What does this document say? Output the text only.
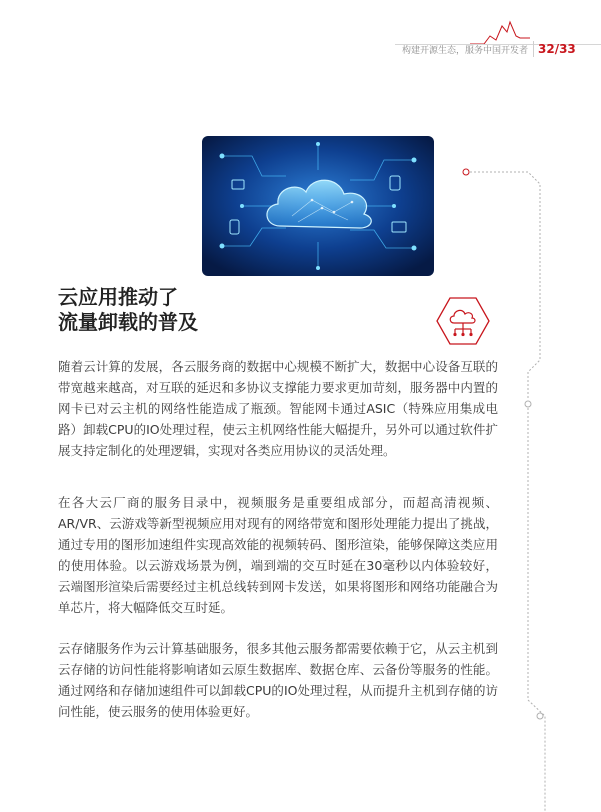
构建开源生态，服务中国开发者 32/33
云应用推动了
流量卸载的普及

随着云计算的发展，各云服务商的数据中心规模不断扩大，数据中心设备互联的带宽越来越高，对互联的延迟和多协议支撑能力要求更加苛刻，服务器中内置的网卡已对云主机的网络性能造成了瓶颈。智能网卡通过ASIC（特殊应用集成电路）卸载CPU的IO处理过程，使云主机网络性能大幅提升，另外可以通过软件扩展支持定制化的处理逻辑，实现对各类应用协议的灵活处理。

在各大云厂商的服务目录中，视频服务是重要组成部分，而超高清视频、AR/VR、云游戏等新型视频应用对现有的网络带宽和图形处理能力提出了挑战，通过专用的图形加速组件实现高效能的视频转码、图形渲染，能够保障这类应用的使用体验。以云游戏场景为例，端到端的交互时延在30毫秒以内体验较好，云端图形渲染后需要经过主机总线转到网卡发送，如果将图形和网络功能融合为单芯片，将大幅降低交互时延。

云存储服务作为云计算基础服务，很多其他云服务都需要依赖于它，从云主机到云存储的访问性能将影响诸如云原生数据库、数据仓库、云备份等服务的性能。通过网络和存储加速组件可以卸载CPU的IO处理过程，从而提升主机到存储的访问性能，使云服务的使用体验更好。
